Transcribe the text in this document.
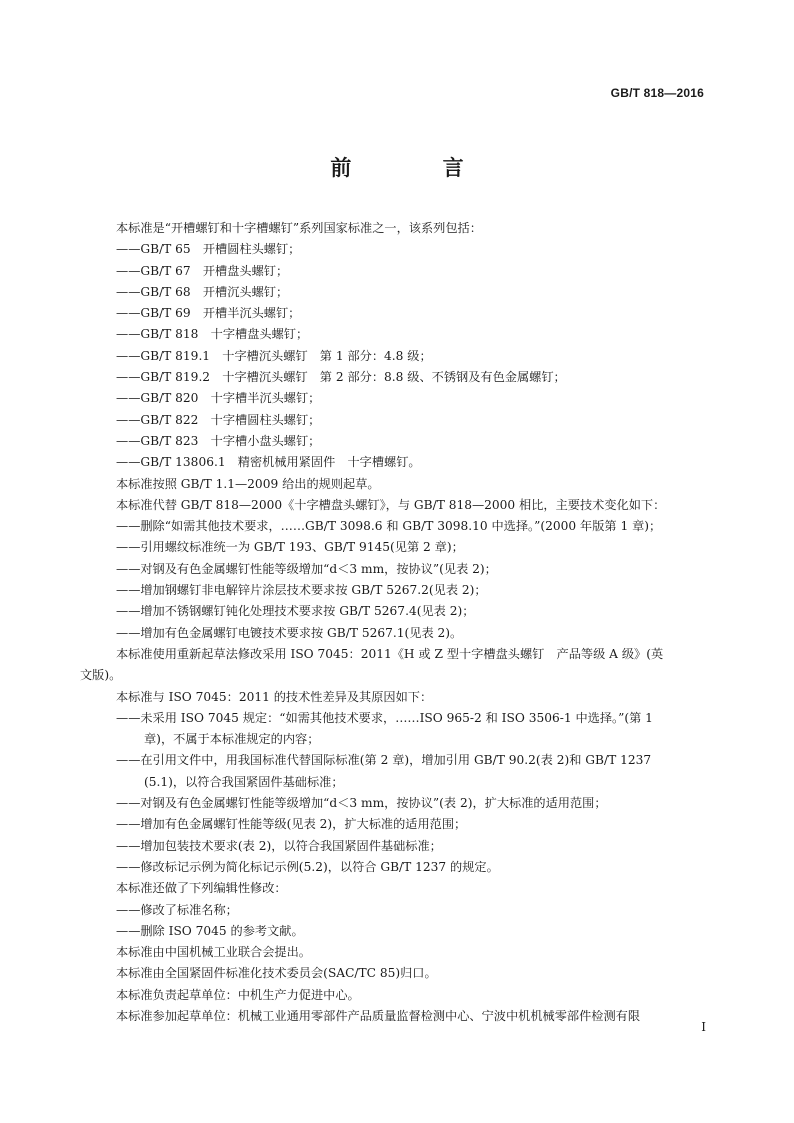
GB/T 818—2016
前 言
本标准是“开槽螺钉和十字槽螺钉”系列国家标准之一，该系列包括：
——GB/T 65　开槽圆柱头螺钉；
——GB/T 67　开槽盘头螺钉；
——GB/T 68　开槽沉头螺钉；
——GB/T 69　开槽半沉头螺钉；
——GB/T 818　十字槽盘头螺钉；
——GB/T 819.1　十字槽沉头螺钉　第 1 部分：4.8 级；
——GB/T 819.2　十字槽沉头螺钉　第 2 部分：8.8 级、不锈钢及有色金属螺钉；
——GB/T 820　十字槽半沉头螺钉；
——GB/T 822　十字槽圆柱头螺钉；
——GB/T 823　十字槽小盘头螺钉；
——GB/T 13806.1　精密机械用紧固件　十字槽螺钉。
本标准按照 GB/T 1.1—2009 给出的规则起草。
本标准代替 GB/T 818—2000《十字槽盘头螺钉》，与 GB/T 818—2000 相比，主要技术变化如下：
——删除“如需其他技术要求，……GB/T 3098.6 和 GB/T 3098.10 中选择。”(2000 年版第 1 章)；
——引用螺纹标准统一为 GB/T 193、GB/T 9145(见第 2 章)；
——对钢及有色金属螺钉性能等级增加“d＜3 mm，按协议”(见表 2)；
——增加钢螺钉非电解锌片涂层技术要求按 GB/T 5267.2(见表 2)；
——增加不锈钢螺钉钝化处理技术要求按 GB/T 5267.4(见表 2)；
——增加有色金属螺钉电镀技术要求按 GB/T 5267.1(见表 2)。
本标准使用重新起草法修改采用 ISO 7045：2011《H 或 Z 型十字槽盘头螺钉　产品等级 A 级》(英
文版)。
本标准与 ISO 7045：2011 的技术性差异及其原因如下：
——未采用 ISO 7045 规定：“如需其他技术要求，……ISO 965-2 和 ISO 3506-1 中选择。”(第 1
章)，不属于本标准规定的内容；
——在引用文件中，用我国标准代替国际标准(第 2 章)，增加引用 GB/T 90.2(表 2)和 GB/T 1237
(5.1)，以符合我国紧固件基础标准；
——对钢及有色金属螺钉性能等级增加“d＜3 mm，按协议”(表 2)，扩大标准的适用范围；
——增加有色金属螺钉性能等级(见表 2)，扩大标准的适用范围；
——增加包装技术要求(表 2)，以符合我国紧固件基础标准；
——修改标记示例为简化标记示例(5.2)，以符合 GB/T 1237 的规定。
本标准还做了下列编辑性修改：
——修改了标准名称；
——删除 ISO 7045 的参考文献。
本标准由中国机械工业联合会提出。
本标准由全国紧固件标准化技术委员会(SAC/TC 85)归口。
本标准负责起草单位：中机生产力促进中心。
本标准参加起草单位：机械工业通用零部件产品质量监督检测中心、宁波中机机械零部件检测有限
I
